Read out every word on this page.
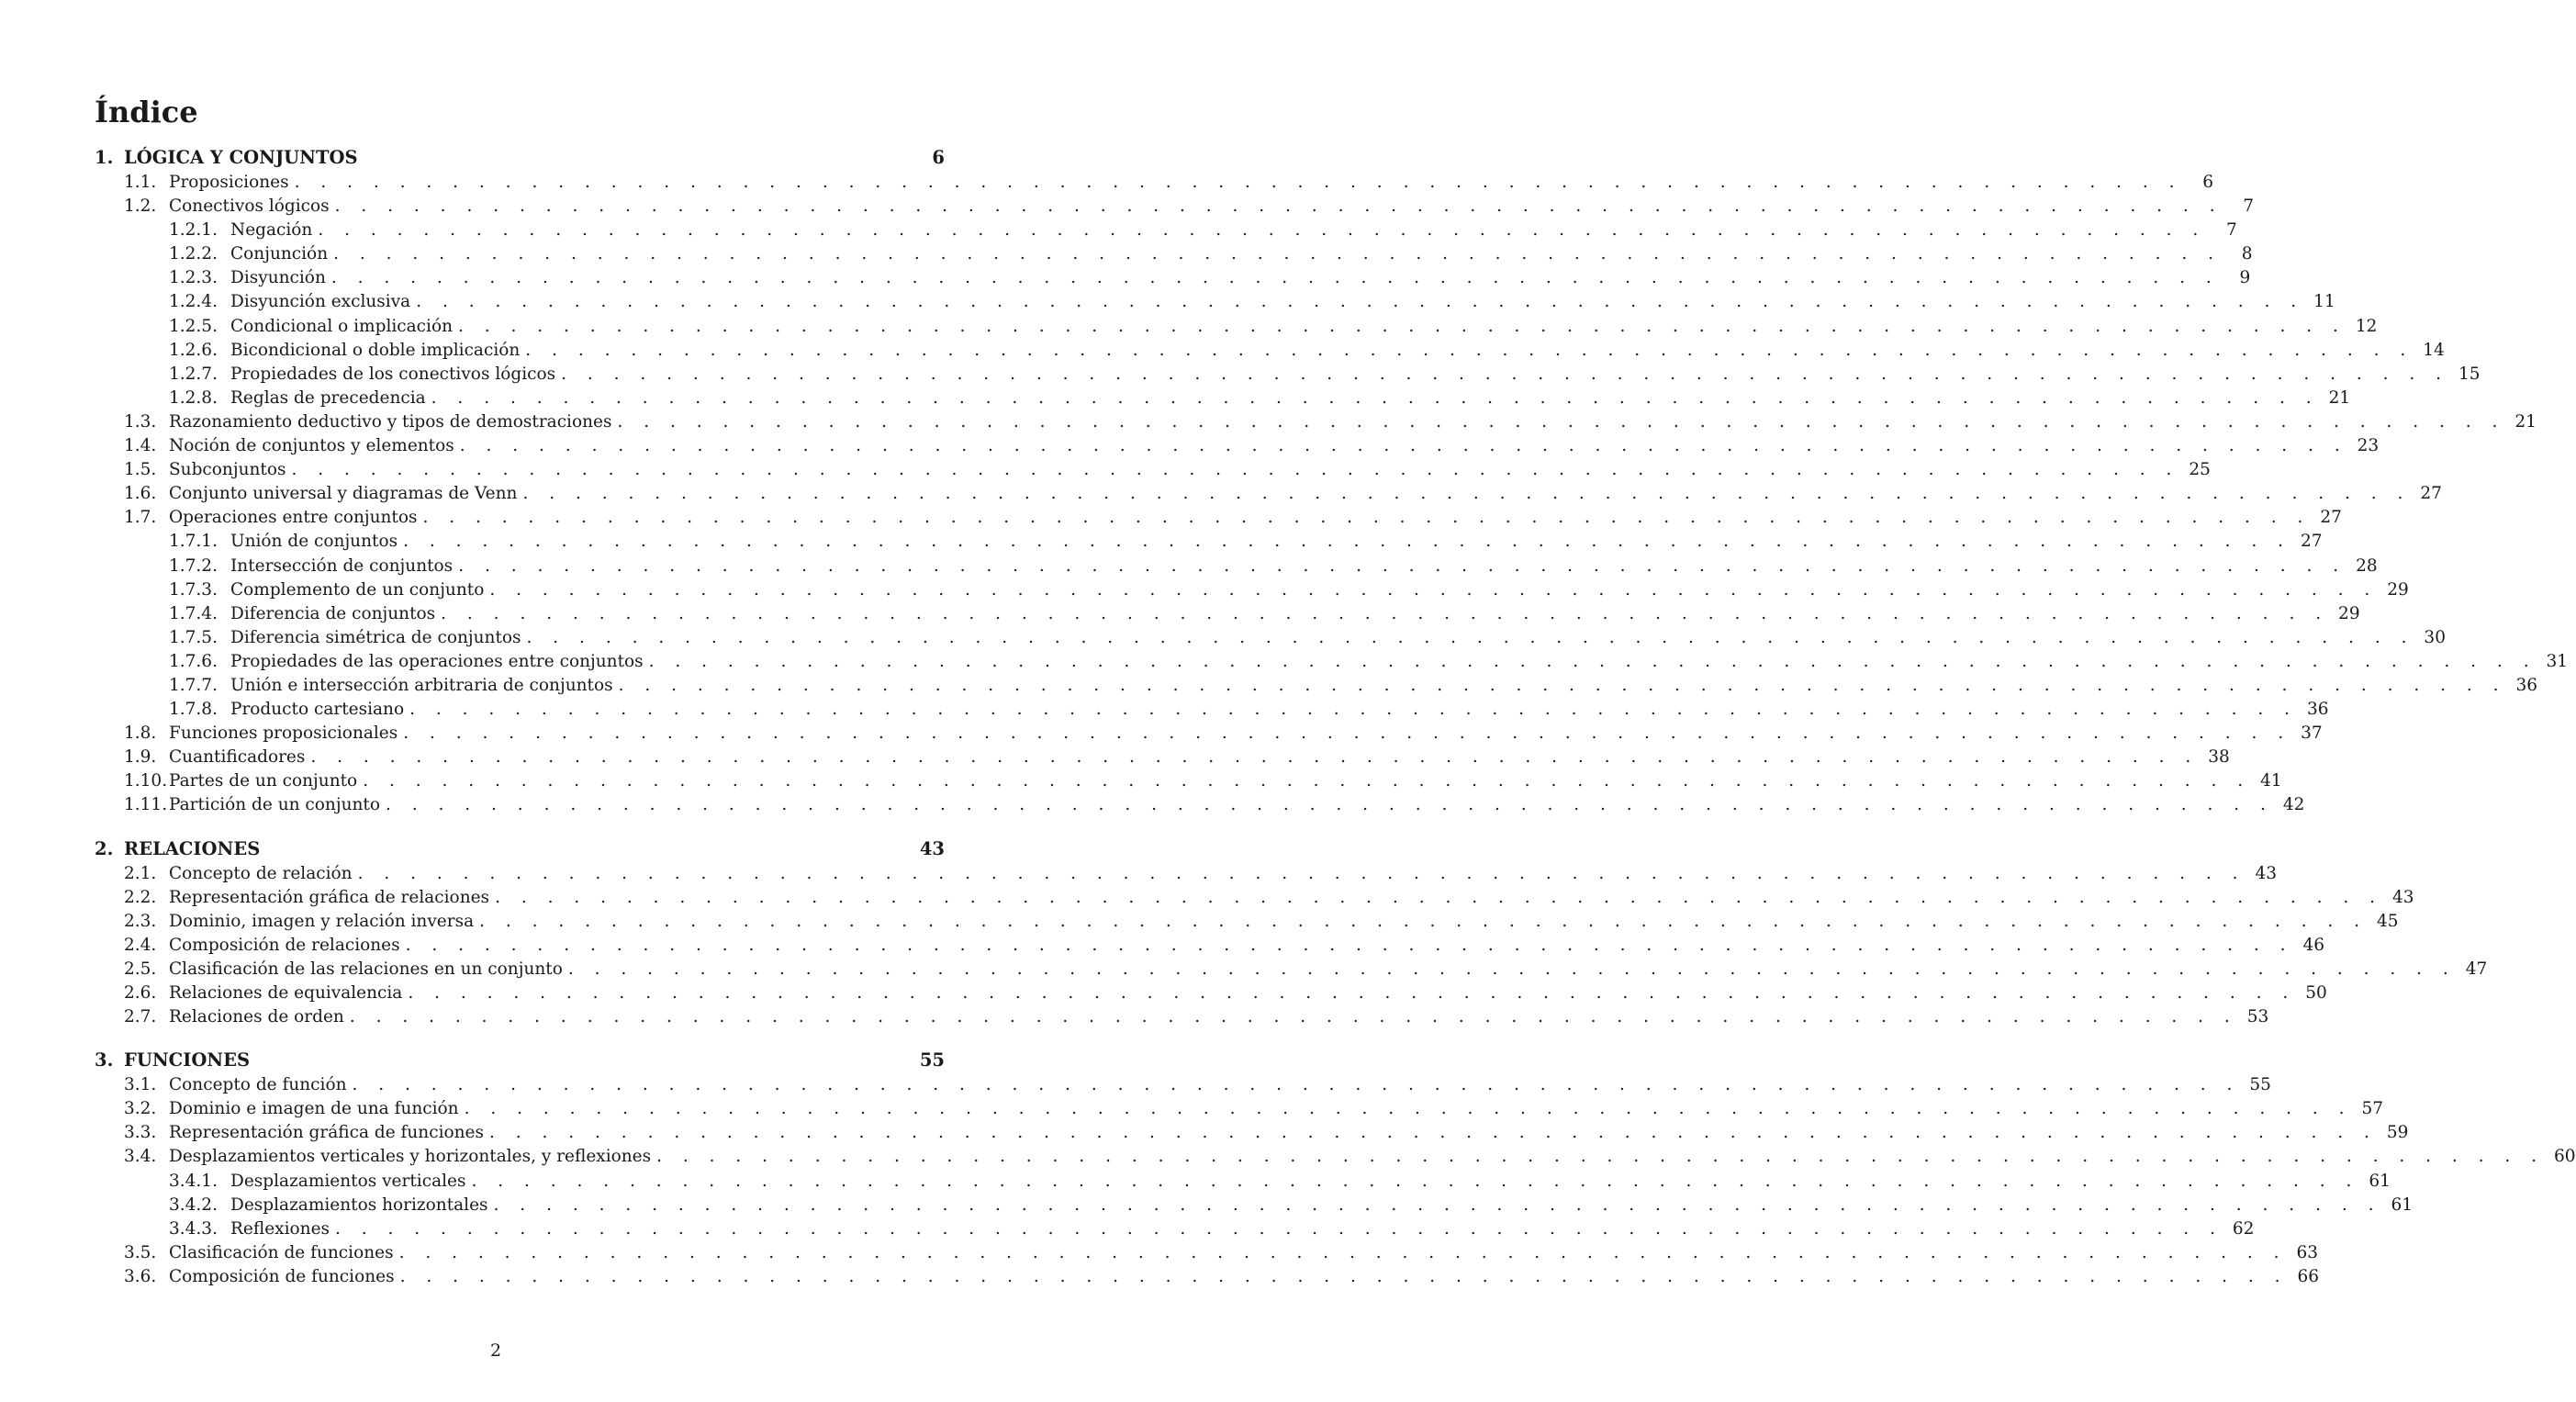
Índice
1. LÓGICA Y CONJUNTOS	6
1.1. Proposiciones . . . . . . . . . . . . . . . . . . . . . . . . . . . . . . . . . . . . . . . . . . . . . . . . . . . . . . . . . . . . . . . . . . . . . . . .	6
1.2. Conectivos lógicos . . . . . . . . . . . . . . . . . . . . . . . . . . . . . . . . . . . . . . . . . . . . . . . . . . . . . . . . . . . . . . . . . . . . . . . .	7
1.2.1. Negación . . . . . . . . . . . . . . . . . . . . . . . . . . . . . . . . . . . . . . . . . . . . . . . . . . . . . . . . . . . . . . . . . . . . . . . .	7
1.2.2. Conjunción . . . . . . . . . . . . . . . . . . . . . . . . . . . . . . . . . . . . . . . . . . . . . . . . . . . . . . . . . . . . . . . . . . . . . . . .	8
1.2.3. Disyunción . . . . . . . . . . . . . . . . . . . . . . . . . . . . . . . . . . . . . . . . . . . . . . . . . . . . . . . . . . . . . . . . . . . . . . . .	9
1.2.4. Disyunción exclusiva . . . . . . . . . . . . . . . . . . . . . . . . . . . . . . . . . . . . . . . . . . . . . . . . . . . . . . . . . . . . . . . . . . . . . . . . 11
1.2.5. Condicional o implicación . . . . . . . . . . . . . . . . . . . . . . . . . . . . . . . . . . . . . . . . . . . . . . . . . . . . . . . . . . . . . . . . . . . . . . . . 12
1.2.6. Bicondicional o doble implicación . . . . . . . . . . . . . . . . . . . . . . . . . . . . . . . . . . . . . . . . . . . . . . . . . . . . . . . . . . . . . . . . . . . . . . . . 14
1.2.7. Propiedades de los conectivos lógicos . . . . . . . . . . . . . . . . . . . . . . . . . . . . . . . . . . . . . . . . . . . . . . . . . . . . . . . . . . . . . . . . . . . . . . . . 15
1.2.8. Reglas de precedencia . . . . . . . . . . . . . . . . . . . . . . . . . . . . . . . . . . . . . . . . . . . . . . . . . . . . . . . . . . . . . . . . . . . . . . . . 21
1.3. Razonamiento deductivo y tipos de demostraciones . . . . . . . . . . . . . . . . . . . . . . . . . . . . . . . . . . . . . . . . . . . . . . . . . . . . . . . . . . . . . . . . . . . . . . . . 21
1.4. Noción de conjuntos y elementos . . . . . . . . . . . . . . . . . . . . . . . . . . . . . . . . . . . . . . . . . . . . . . . . . . . . . . . . . . . . . . . . . . . . . . . . 23
1.5. Subconjuntos . . . . . . . . . . . . . . . . . . . . . . . . . . . . . . . . . . . . . . . . . . . . . . . . . . . . . . . . . . . . . . . . . . . . . . . . 25
1.6. Conjunto universal y diagramas de Venn . . . . . . . . . . . . . . . . . . . . . . . . . . . . . . . . . . . . . . . . . . . . . . . . . . . . . . . . . . . . . . . . . . . . . . . . 27
1.7. Operaciones entre conjuntos . . . . . . . . . . . . . . . . . . . . . . . . . . . . . . . . . . . . . . . . . . . . . . . . . . . . . . . . . . . . . . . . . . . . . . . . 27
1.7.1. Unión de conjuntos . . . . . . . . . . . . . . . . . . . . . . . . . . . . . . . . . . . . . . . . . . . . . . . . . . . . . . . . . . . . . . . . . . . . . . . . 27
1.7.2. Intersección de conjuntos . . . . . . . . . . . . . . . . . . . . . . . . . . . . . . . . . . . . . . . . . . . . . . . . . . . . . . . . . . . . . . . . . . . . . . . . 28
1.7.3. Complemento de un conjunto . . . . . . . . . . . . . . . . . . . . . . . . . . . . . . . . . . . . . . . . . . . . . . . . . . . . . . . . . . . . . . . . . . . . . . . . 29
1.7.4. Diferencia de conjuntos . . . . . . . . . . . . . . . . . . . . . . . . . . . . . . . . . . . . . . . . . . . . . . . . . . . . . . . . . . . . . . . . . . . . . . . . 29
1.7.5. Diferencia simétrica de conjuntos . . . . . . . . . . . . . . . . . . . . . . . . . . . . . . . . . . . . . . . . . . . . . . . . . . . . . . . . . . . . . . . . . . . . . . . . 30
1.7.6. Propiedades de las operaciones entre conjuntos . . . . . . . . . . . . . . . . . . . . . . . . . . . . . . . . . . . . . . . . . . . . . . . . . . . . . . . . . . . . . . . . . . . . . . . . 31
1.7.7. Unión e intersección arbitraria de conjuntos . . . . . . . . . . . . . . . . . . . . . . . . . . . . . . . . . . . . . . . . . . . . . . . . . . . . . . . . . . . . . . . . . . . . . . . . 36
1.7.8. Producto cartesiano . . . . . . . . . . . . . . . . . . . . . . . . . . . . . . . . . . . . . . . . . . . . . . . . . . . . . . . . . . . . . . . . . . . . . . . . 36
1.8. Funciones proposicionales . . . . . . . . . . . . . . . . . . . . . . . . . . . . . . . . . . . . . . . . . . . . . . . . . . . . . . . . . . . . . . . . . . . . . . . . 37
1.9. Cuantificadores . . . . . . . . . . . . . . . . . . . . . . . . . . . . . . . . . . . . . . . . . . . . . . . . . . . . . . . . . . . . . . . . . . . . . . . . 38
1.10. Partes de un conjunto . . . . . . . . . . . . . . . . . . . . . . . . . . . . . . . . . . . . . . . . . . . . . . . . . . . . . . . . . . . . . . . . . . . . . . . . 41
1.11. Partición de un conjunto . . . . . . . . . . . . . . . . . . . . . . . . . . . . . . . . . . . . . . . . . . . . . . . . . . . . . . . . . . . . . . . . . . . . . . . . 42
2. RELACIONES	43
2.1. Concepto de relación . . . . . . . . . . . . . . . . . . . . . . . . . . . . . . . . . . . . . . . . . . . . . . . . . . . . . . . . . . . . . . . . . . . . . . . . 43
2.2. Representación gráfica de relaciones . . . . . . . . . . . . . . . . . . . . . . . . . . . . . . . . . . . . . . . . . . . . . . . . . . . . . . . . . . . . . . . . . . . . . . . . 43
2.3. Dominio, imagen y relación inversa . . . . . . . . . . . . . . . . . . . . . . . . . . . . . . . . . . . . . . . . . . . . . . . . . . . . . . . . . . . . . . . . . . . . . . . . 45
2.4. Composición de relaciones . . . . . . . . . . . . . . . . . . . . . . . . . . . . . . . . . . . . . . . . . . . . . . . . . . . . . . . . . . . . . . . . . . . . . . . . 46
2.5. Clasificación de las relaciones en un conjunto . . . . . . . . . . . . . . . . . . . . . . . . . . . . . . . . . . . . . . . . . . . . . . . . . . . . . . . . . . . . . . . . . . . . . . . . 47
2.6. Relaciones de equivalencia . . . . . . . . . . . . . . . . . . . . . . . . . . . . . . . . . . . . . . . . . . . . . . . . . . . . . . . . . . . . . . . . . . . . . . . . 50
2.7. Relaciones de orden . . . . . . . . . . . . . . . . . . . . . . . . . . . . . . . . . . . . . . . . . . . . . . . . . . . . . . . . . . . . . . . . . . . . . . . . 53
3. FUNCIONES	55
3.1. Concepto de función . . . . . . . . . . . . . . . . . . . . . . . . . . . . . . . . . . . . . . . . . . . . . . . . . . . . . . . . . . . . . . . . . . . . . . . . 55
3.2. Dominio e imagen de una función . . . . . . . . . . . . . . . . . . . . . . . . . . . . . . . . . . . . . . . . . . . . . . . . . . . . . . . . . . . . . . . . . . . . . . . . 57
3.3. Representación gráfica de funciones . . . . . . . . . . . . . . . . . . . . . . . . . . . . . . . . . . . . . . . . . . . . . . . . . . . . . . . . . . . . . . . . . . . . . . . . 59
3.4. Desplazamientos verticales y horizontales, y reflexiones . . . . . . . . . . . . . . . . . . . . . . . . . . . . . . . . . . . . . . . . . . . . . . . . . . . . . . . . . . . . . . . . . . . . . . . . 60
3.4.1. Desplazamientos verticales . . . . . . . . . . . . . . . . . . . . . . . . . . . . . . . . . . . . . . . . . . . . . . . . . . . . . . . . . . . . . . . . . . . . . . . . 61
3.4.2. Desplazamientos horizontales . . . . . . . . . . . . . . . . . . . . . . . . . . . . . . . . . . . . . . . . . . . . . . . . . . . . . . . . . . . . . . . . . . . . . . . . 61
3.4.3. Reflexiones . . . . . . . . . . . . . . . . . . . . . . . . . . . . . . . . . . . . . . . . . . . . . . . . . . . . . . . . . . . . . . . . . . . . . . . . 62
3.5. Clasificación de funciones . . . . . . . . . . . . . . . . . . . . . . . . . . . . . . . . . . . . . . . . . . . . . . . . . . . . . . . . . . . . . . . . . . . . . . . . 63
3.6. Composición de funciones . . . . . . . . . . . . . . . . . . . . . . . . . . . . . . . . . . . . . . . . . . . . . . . . . . . . . . . . . . . . . . . . . . . . . . . . 66
2
